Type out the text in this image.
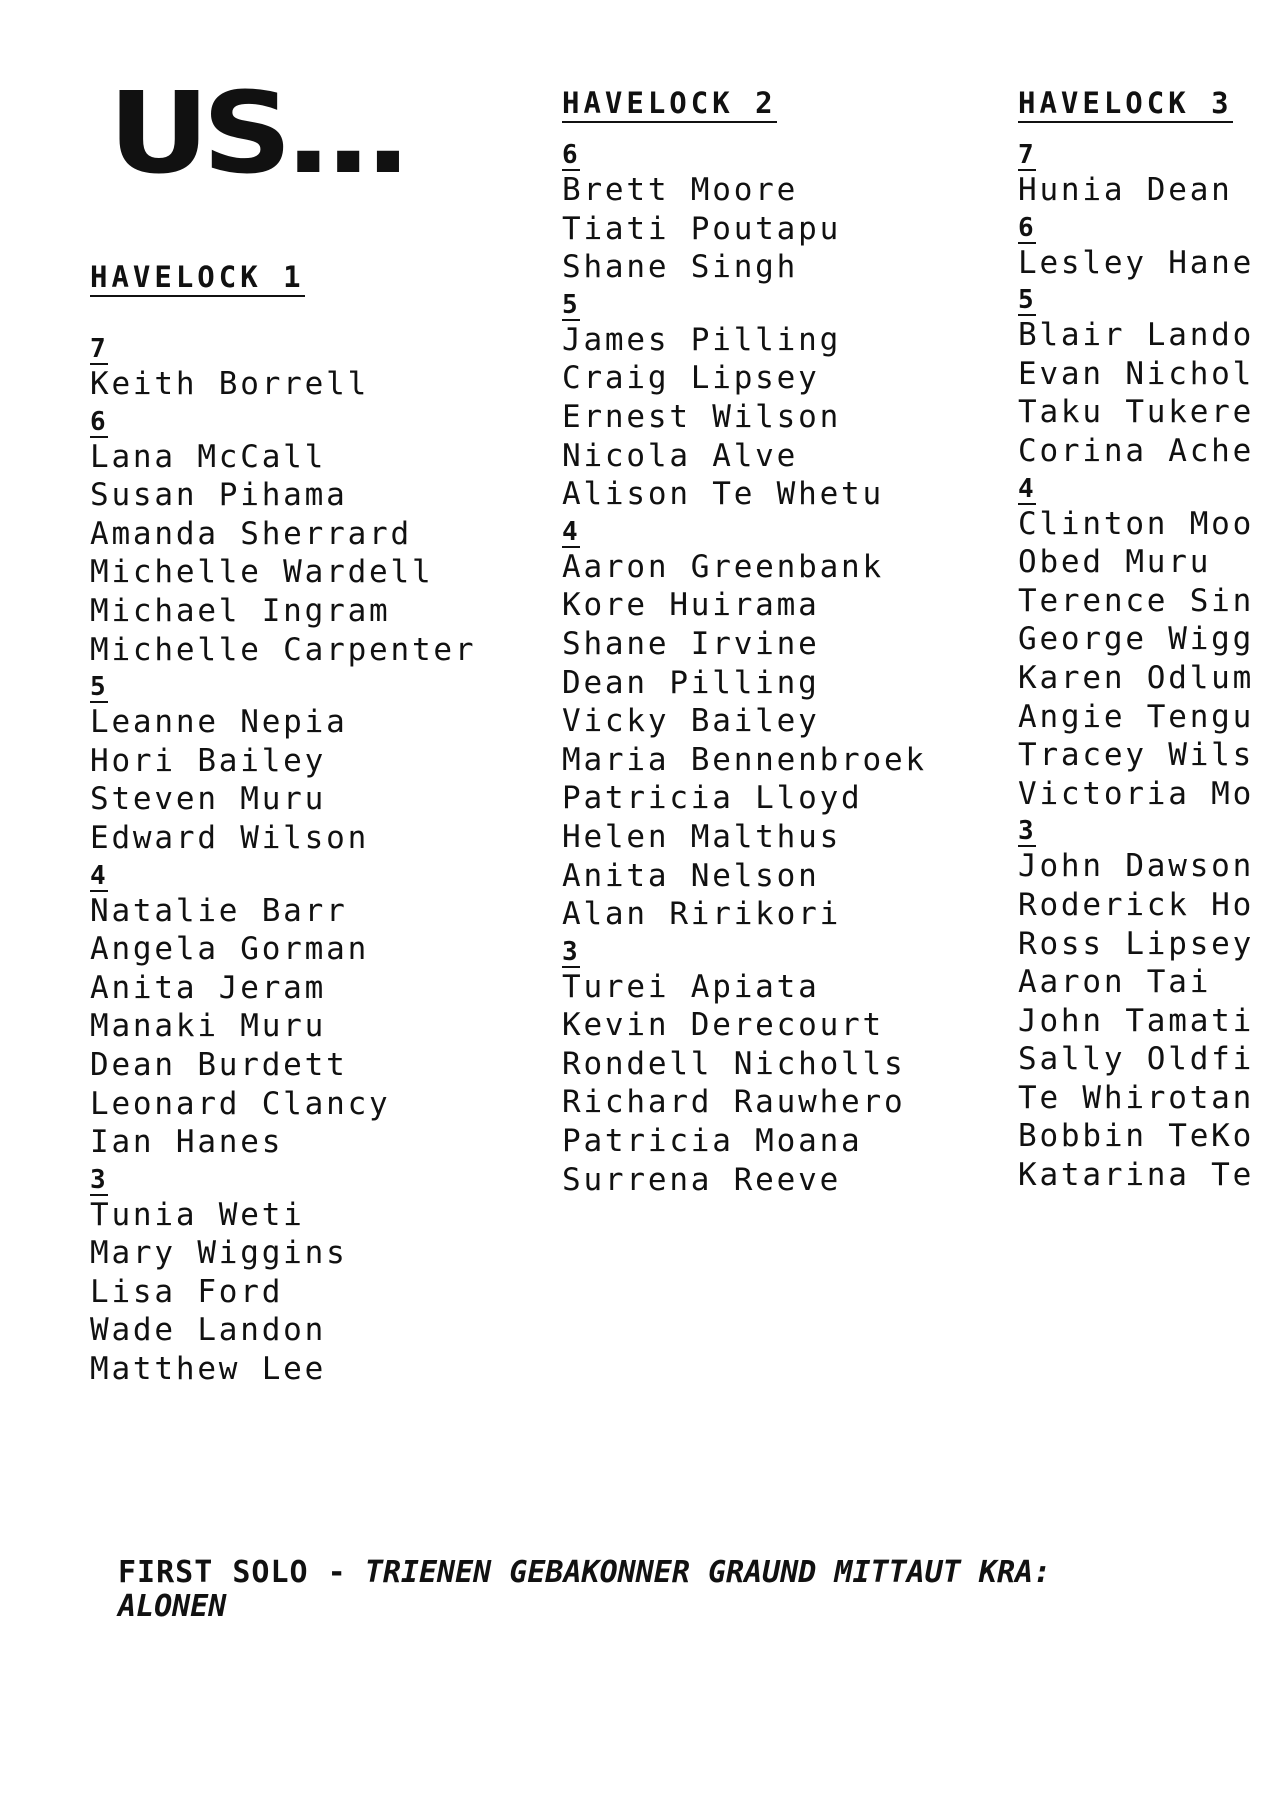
US...
HAVELOCK 1
7
Keith Borrell
6
Lana McCall
Susan Pihama
Amanda Sherrard
Michelle Wardell
Michael Ingram
Michelle Carpenter
5
Leanne Nepia
Hori Bailey
Steven Muru
Edward Wilson
4
Natalie Barr
Angela Gorman
Anita Jeram
Manaki Muru
Dean Burdett
Leonard Clancy
Ian Hanes
3
Tunia Weti
Mary Wiggins
Lisa Ford
Wade Landon
Matthew Lee
HAVELOCK 2
6
Brett Moore
Tiati Poutapu
Shane Singh
5
James Pilling
Craig Lipsey
Ernest Wilson
Nicola Alve
Alison Te Whetu
4
Aaron Greenbank
Kore Huirama
Shane Irvine
Dean Pilling
Vicky Bailey
Maria Bennenbroek
Patricia Lloyd
Helen Malthus
Anita Nelson
Alan Ririkori
3
Turei Apiata
Kevin Derecourt
Rondell Nicholls
Richard Rauwhero
Patricia Moana
Surrena Reeve
HAVELOCK 3
7
Hunia Dean
6
Lesley Hane
5
Blair Lando
Evan Nichol
Taku Tukere
Corina Ache
4
Clinton Moo
Obed Muru
Terence Sin
George Wigg
Karen Odlum
Angie Tengu
Tracey Wils
Victoria Mo
3
John Dawson
Roderick Ho
Ross Lipsey
Aaron Tai
John Tamati
Sally Oldfi
Te Whirotan
Bobbin TeKo
Katarina Te
FIRST SOLO - TRIENEN GEBAKONNER GRAUND MITTAUT KRA:
ALONEN
